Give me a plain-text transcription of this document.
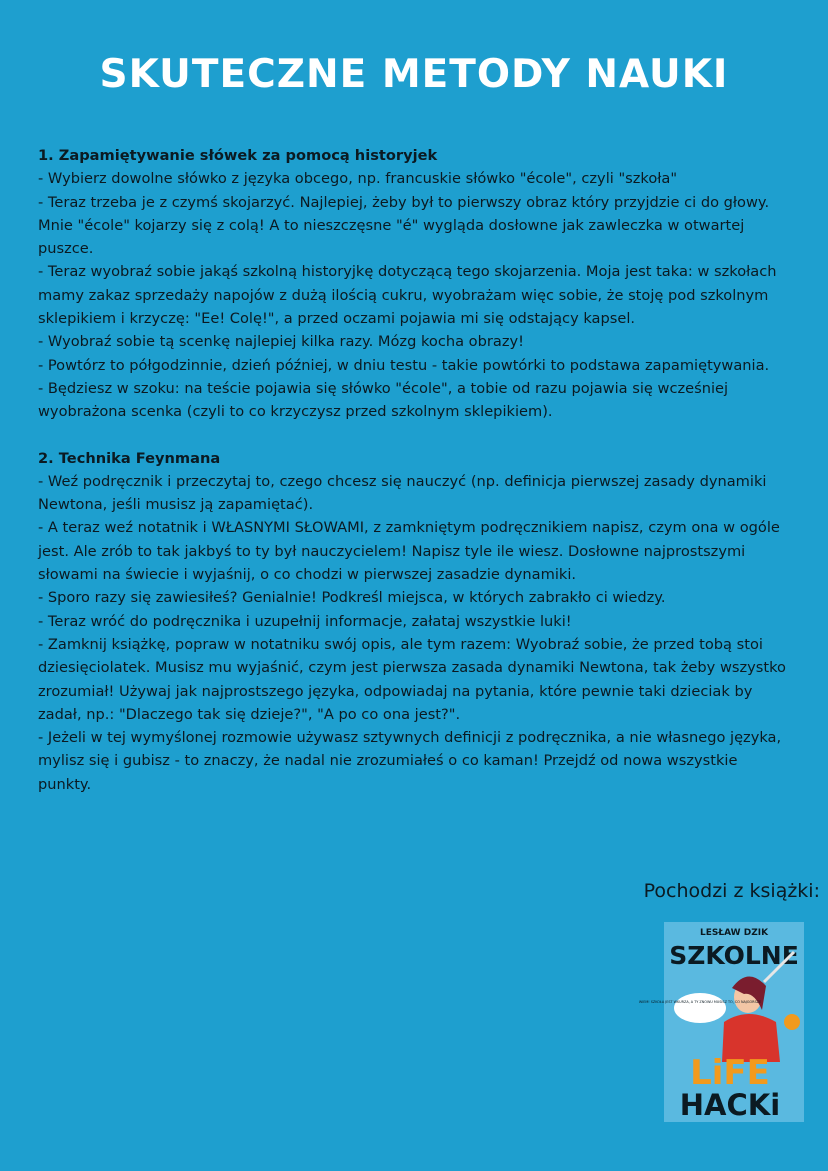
SKUTECZNE METODY NAUKI
1. Zapamiętywanie słówek za pomocą historyjek
- Wybierz dowolne słówko z języka obcego, np. francuskie słówko "école", czyli "szkoła"
- Teraz trzeba je z czymś skojarzyć. Najlepiej, żeby był to pierwszy obraz który przyjdzie ci do głowy. Mnie "école" kojarzy się z colą! A to nieszczęsne "é" wygląda dosłowne jak zawleczka w otwartej puszce.
- Teraz wyobraź sobie jakąś szkolną historyjkę dotyczącą tego skojarzenia. Moja jest taka: w szkołach mamy zakaz sprzedaży napojów z dużą ilością cukru, wyobrażam więc sobie, że stoję pod szkolnym sklepikiem i krzyczę: "Ee! Colę!", a przed oczami pojawia mi się odstający kapsel.
- Wyobraź sobie tą scenkę najlepiej kilka razy. Mózg kocha obrazy!
- Powtórz to półgodzinnie, dzień później, w dniu testu - takie powtórki to podstawa zapamiętywania.
- Będziesz w szoku: na teście pojawia się słówko "école", a tobie od razu pojawia się wcześniej wyobrażona scenka (czyli to co krzyczysz przed szkolnym sklepikiem).
2. Technika Feynmana
- Weź podręcznik i przeczytaj to, czego chcesz się nauczyć (np. definicja pierwszej zasady dynamiki Newtona, jeśli musisz ją zapamiętać).
- A teraz weź notatnik i WŁASNYMI SŁOWAMI, z zamkniętym podręcznikiem napisz, czym ona w ogóle jest. Ale zrób to tak jakbyś to ty był nauczycielem! Napisz tyle ile wiesz. Dosłowne najprostszymi słowami na świecie i wyjaśnij, o co chodzi w pierwszej zasadzie dynamiki.
- Sporo razy się zawiesiłeś? Genialnie! Podkreśl miejsca, w których zabrakło ci wiedzy.
- Teraz wróć do podręcznika i uzupełnij informacje, załataj wszystkie luki!
- Zamknij książkę, popraw w notatniku swój opis, ale tym razem: Wyobraź sobie, że przed tobą stoi dziesięciolatek. Musisz mu wyjaśnić, czym jest pierwsza zasada dynamiki Newtona, tak żeby wszystko zrozumiał! Używaj jak najprostszego języka, odpowiadaj na pytania, które pewnie taki dzieciak by zadał, np.: "Dlaczego tak się dzieje?", "A po co ona jest?".
- Jeżeli w tej wymyślonej rozmowie używasz sztywnych definicji z podręcznika, a nie własnego języka, mylisz się i gubisz - to znaczy, że nadal nie zrozumiałeś o co kaman! Przejdź od nowa wszystkie punkty.
Pochodzi z książki:
LESŁAW DZIK
SZKOLNE
WIEM! SZKOŁA JEST WKURZA, A TY ZNOWU MUSISZ TO, CO NAJGORSZE
LiFE
HACKi
